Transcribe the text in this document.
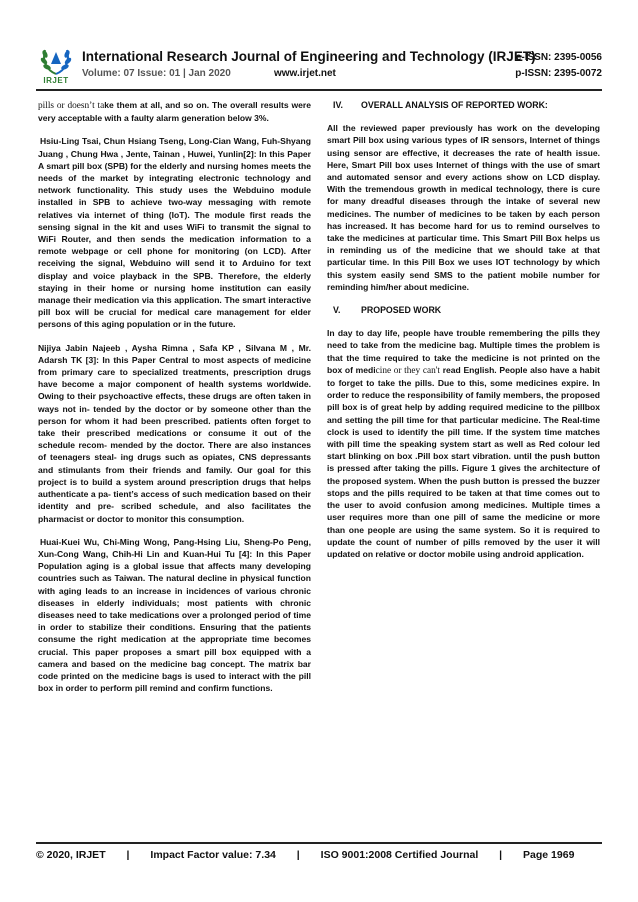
IRJET
International Research Journal of Engineering and Technology (IRJET)
e-ISSN: 2395-0056
Volume: 07 Issue: 01 | Jan 2020	www.irjet.net	p-ISSN: 2395-0072

pills or doesn’t take them at all, and so on. The overall results were very acceptable with a faulty alarm generation below 3%.

Hsiu-Ling Tsai, Chun Hsiang Tseng, Long-Cian Wang, Fuh-Shyang Juang , Chung Hwa , Jente, Tainan , Huwei, Yunlin[2]: In this Paper A smart pill box (SPB) for the elderly and nursing homes meets the needs of the market by integrating electronic technology and network functionality. This study uses the Webduino module installed in SPB to achieve two-way messaging with remote relatives via internet of thing (IoT). The module first reads the sensing signal in the kit and uses WiFi to transmit the signal to WiFi Router, and then sends the medication information to a remote webpage or cell phone for monitoring (on LCD). After receiving the signal, Webduino will send it to Arduino for text display and voice playback in the SPB. Therefore, the elderly staying in their home or nursing home institution can easily manage their medication via this application. The smart interactive pill box will be crucial for medical care management for elder persons of this aging population or in the future.

Nijiya Jabin Najeeb , Aysha Rimna , Safa KP , Silvana M , Mr. Adarsh TK [3]: In this Paper Central to most aspects of medicine from primary care to specialized treatments, prescription drugs have become a major component of health systems worldwide. Owing to their psychoactive effects, these drugs are often taken in ways not in- tended by the doctor or by someone other than the person for whom it had been prescribed. patients often forget to take their prescribed medications or consume it out of the schedule recom- mended by the doctor. There are also instances of teenagers steal- ing drugs such as opiates, CNS depressants and stimulants from their friends and family. Our goal for this project is to build a system around prescription drugs that helps authenticate a pa- tient’s access of such medication based on their identity and pre- scribed schedule, and also facilitates the pharmacist or doctor to monitor this consumption.

Huai-Kuei Wu, Chi-Ming Wong, Pang-Hsing Liu, Sheng-Po Peng, Xun-Cong Wang, Chih-Hi Lin and Kuan-Hui Tu [4]: In this Paper Population aging is a global issue that affects many developing countries such as Taiwan. The natural decline in physical function with aging leads to an increase in incidences of various chronic diseases in elderly individuals; most patients with chronic diseases need to take medications over a prolonged period of time in order to stabilize their conditions. Ensuring that the patients consume the right medication at the appropriate time becomes crucial. This paper proposes a smart pill box equipped with a camera and based on the medicine bag concept. The matrix bar code printed on the medicine bags is used to interact with the pill box in order to perform pill remind and confirm functions.

IV.	OVERALL ANALYSIS OF REPORTED WORK:

All the reviewed paper previously has work on the developing smart Pill box using various types of IR sensors, Internet of things using sensor are effective, it decreases the rate of health issue. Here, Smart Pill box uses Internet of things with the use of smart and automated sensor and every actions show on LCD display. With the tremendous growth in medical technology, there is cure for many dreadful diseases through the intake of several new medicines. The number of medicines to be taken by each person has increased. It has become hard for us to remind ourselves to take the medicines at particular time. This Smart Pill Box helps us in reminding us of the medicine that we should take at that particular time. In this Pill Box we uses IOT technology by which this system easily send SMS to the patient mobile number for reminding him/her about medicine.

V.	PROPOSED WORK

In day to day life, people have trouble remembering the pills they need to take from the medicine bag. Multiple times the problem is that the time required to take the medicine is not printed on the box of medicine or they can't read English. People also have a habit to forget to take the pills. Due to this, some medicines expire. In order to reduce the responsibility of family members, the proposed pill box is of great help by adding required medicine to the pillbox and setting the pill time for that particular medicine. The Real-time clock is used to identify the pill time. If the system time matches with pill time the speaking system start as well as Red colour led start blinking on box .Pill box start vibration. until the push button is pressed after taking the pills. Figure 1 gives the architecture of the proposed system. When the push button is pressed the buzzer stops and the pills required to be taken at that time comes out to the user to avoid confusion among medicines. Multiple times a user requires more than one pill of same the medicine or more than one people are using the same system. So it is required to update the count of number of pills removed by the user it will updated on relative or doctor mobile using android application.

© 2020, IRJET | Impact Factor value: 7.34 | ISO 9001:2008 Certified Journal | Page 1969
